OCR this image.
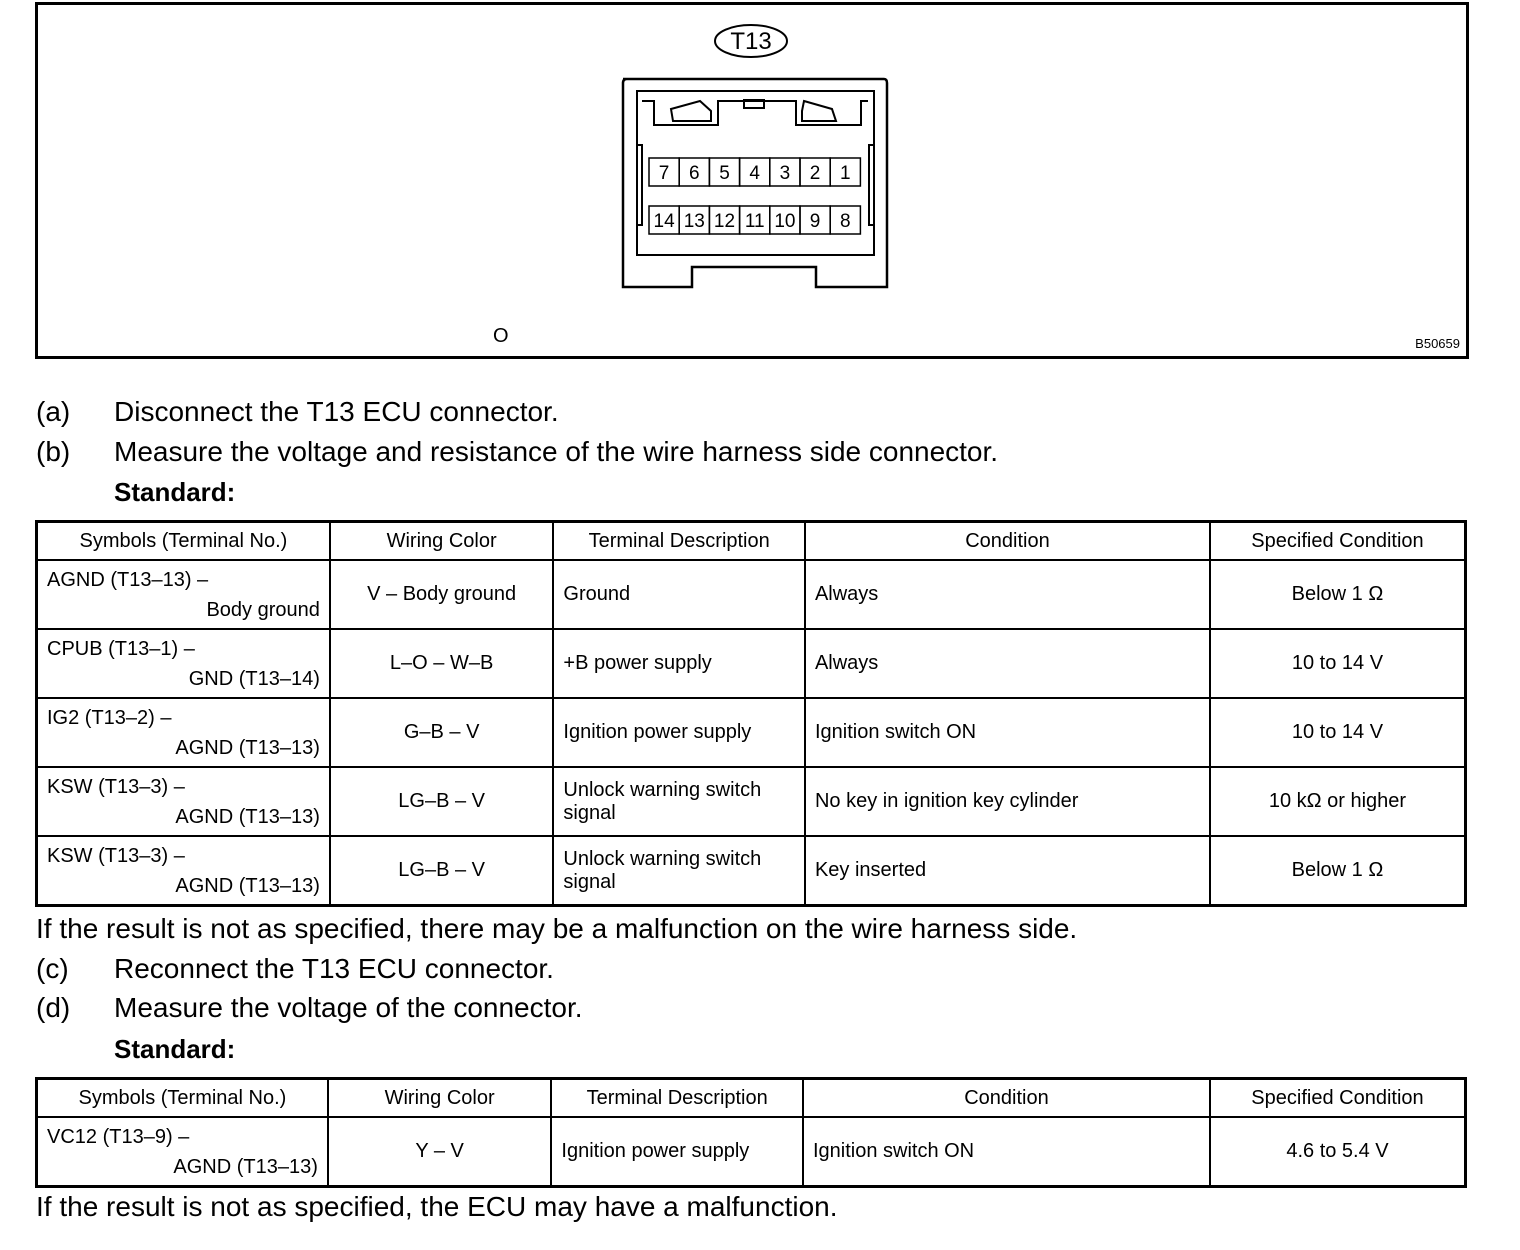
T13
7 6 5 4 3 2 1
14 13 12 11 10 9 8
O	B50659
(a) Disconnect the T13 ECU connector.
(b) Measure the voltage and resistance of the wire harness side connector.
Standard:
Symbols (Terminal No.)	Wiring Color	Terminal Description	Condition	Specified Condition

AGND (T13–13) –
Body ground	V – Body ground	Ground	Always	Below 1 Ω

CPUB (T13–1) –
GND (T13–14)	L–O – W–B	+B power supply	Always	10 to 14 V

IG2 (T13–2) –
AGND (T13–13)	G–B – V	Ignition power supply	Ignition switch ON	10 to 14 V

KSW (T13–3) –
AGND (T13–13)	LG–B – V	Unlock warning switch signal	No key in ignition key cylinder	10 kΩ or higher

KSW (T13–3) –
AGND (T13–13)	LG–B – V	Unlock warning switch signal	Key inserted	Below 1 Ω
If the result is not as specified, there may be a malfunction on the wire harness side.
(c) Reconnect the T13 ECU connector.
(d) Measure the voltage of the connector.
Standard:
Symbols (Terminal No.)	Wiring Color	Terminal Description	Condition	Specified Condition

VC12 (T13–9) –
AGND (T13–13)	Y – V	Ignition power supply	Ignition switch ON	4.6 to 5.4 V
If the result is not as specified, the ECU may have a malfunction.
